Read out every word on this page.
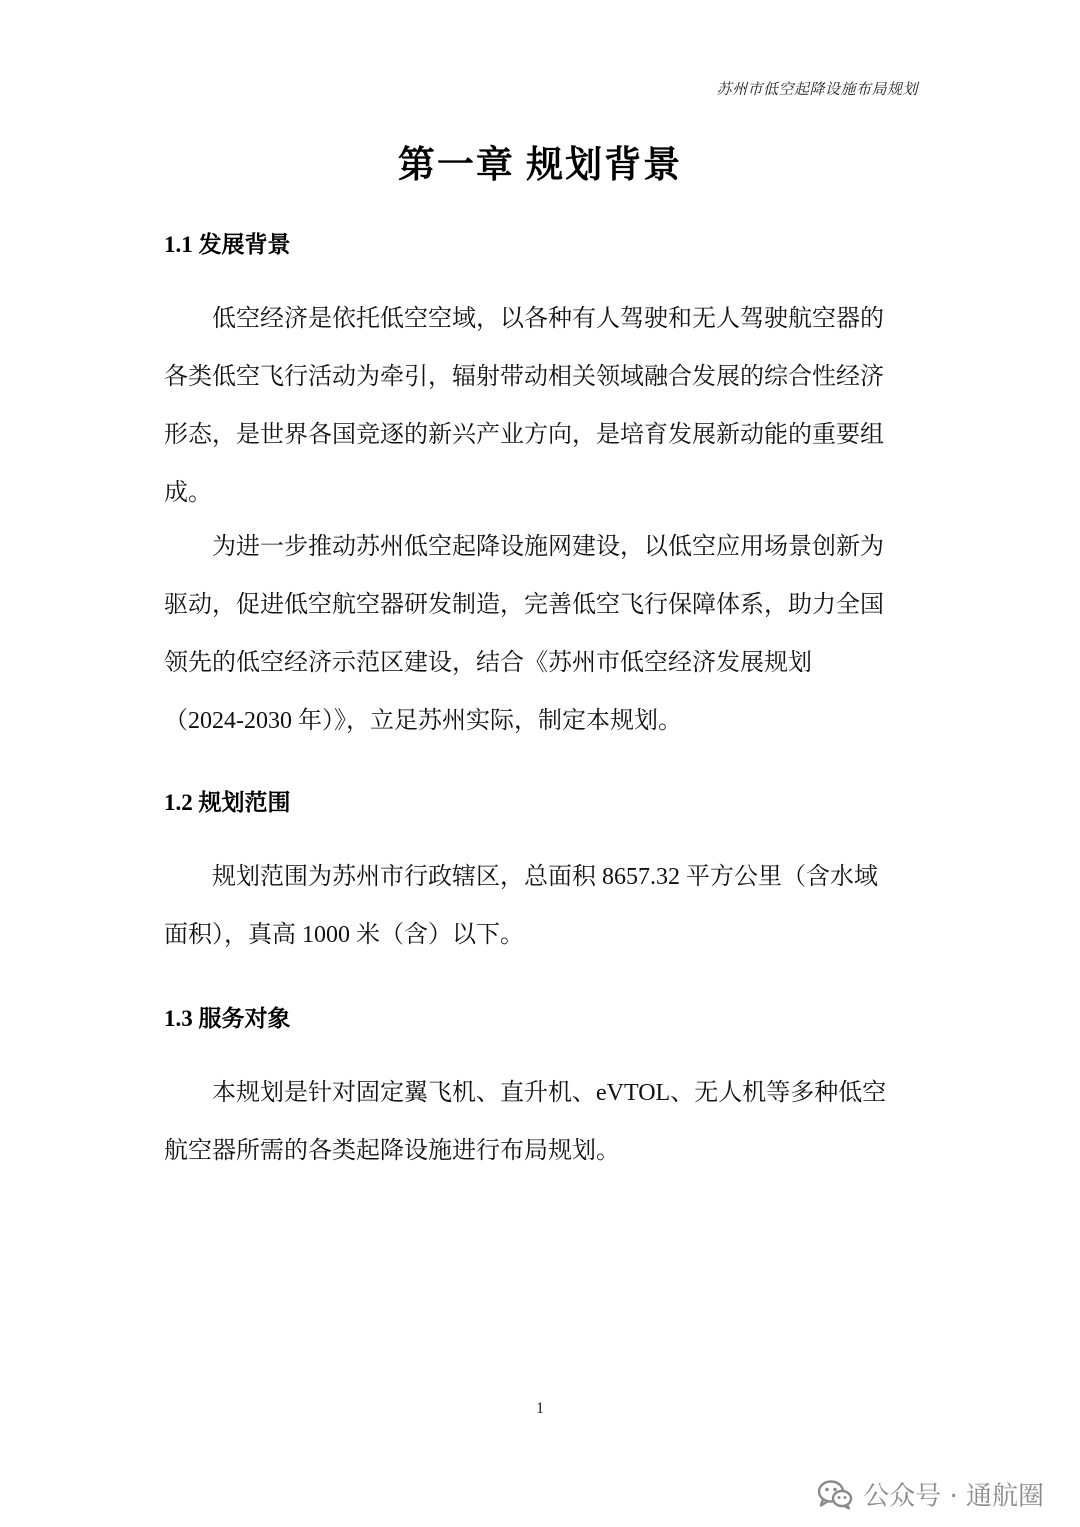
苏州市低空起降设施布局规划
第一章 规划背景
1.1 发展背景
低空经济是依托低空空域，以各种有人驾驶和无人驾驶航空器的
各类低空飞行活动为牵引，辐射带动相关领域融合发展的综合性经济
形态，是世界各国竞逐的新兴产业方向，是培育发展新动能的重要组
成。
为进一步推动苏州低空起降设施网建设，以低空应用场景创新为
驱动，促进低空航空器研发制造，完善低空飞行保障体系，助力全国
领先的低空经济示范区建设，结合《苏州市低空经济发展规划
（2024-2030 年）》，立足苏州实际，制定本规划。
1.2 规划范围
规划范围为苏州市行政辖区，总面积 8657.32 平方公里（含水域
面积），真高 1000 米（含）以下。
1.3 服务对象
本规划是针对固定翼飞机、直升机、eVTOL、无人机等多种低空
航空器所需的各类起降设施进行布局规划。
1
公众号 · 通航圈
